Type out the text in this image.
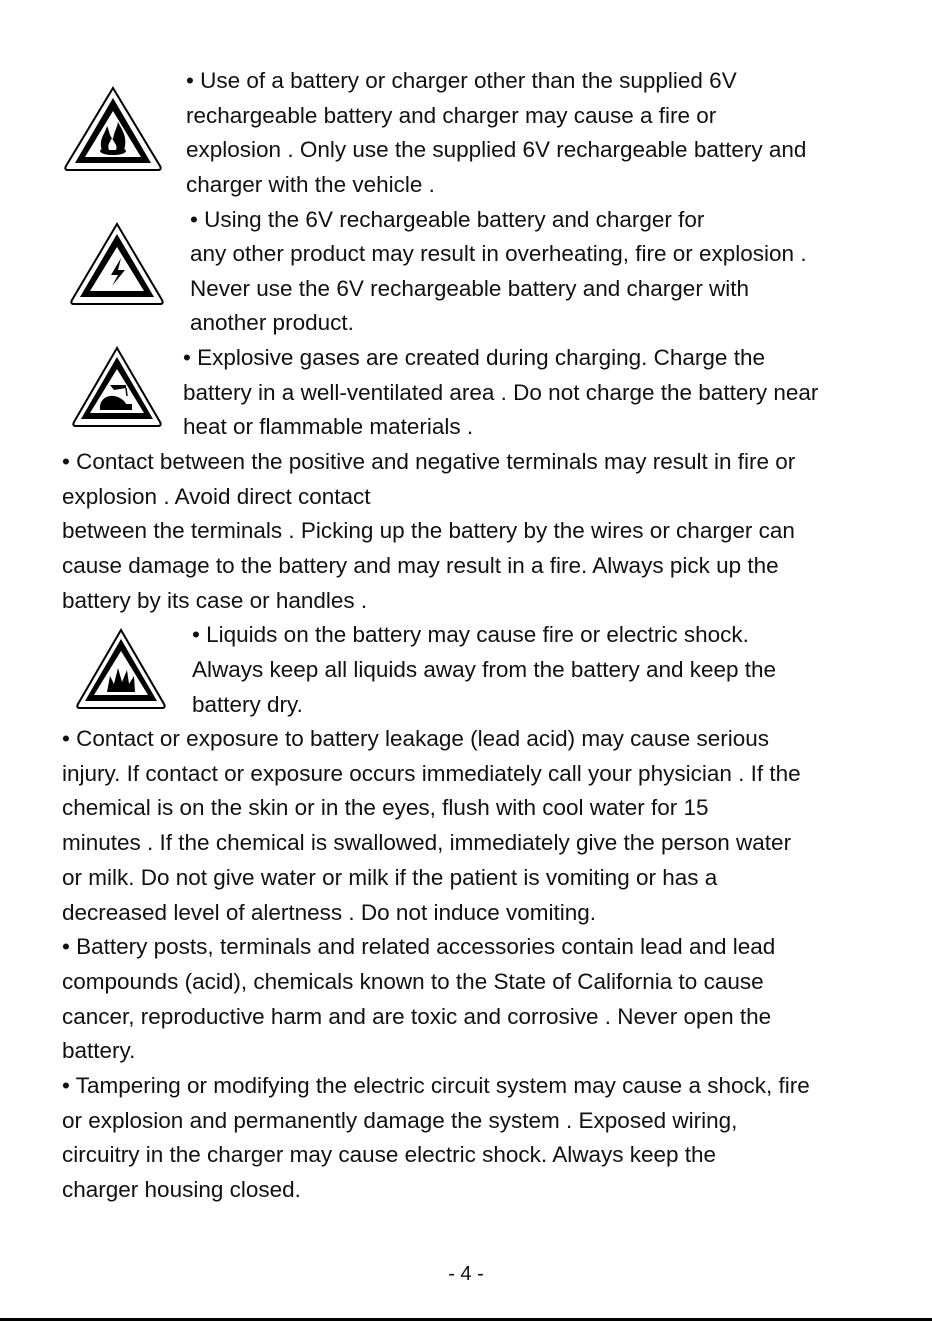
• Use of a battery or charger other than the supplied 6V
rechargeable battery and charger may cause a fire or
explosion . Only use the supplied 6V rechargeable battery and
charger with the vehicle .
• Using the 6V rechargeable battery and charger for
any other product may result in overheating, fire or explosion .
Never use the 6V rechargeable battery and charger with
another product.
• Explosive gases are created during charging. Charge the
battery in a well-ventilated area . Do not charge the battery near
heat or flammable materials .
• Contact between the positive and negative terminals may result in fire or
explosion . Avoid direct contact
between the terminals . Picking up the battery by the wires or charger can
cause damage to the battery and may result in a fire. Always pick up the
battery by its case or handles .
• Liquids on the battery may cause fire or electric shock.
Always keep all liquids away from the battery and keep the
battery dry.
• Contact or exposure to battery leakage (lead acid) may cause serious
injury. If contact or exposure occurs immediately call your physician . If the
chemical is on the skin or in the eyes, flush with cool water for 15
minutes . If the chemical is swallowed, immediately give the person water
or milk. Do not give water or milk if the patient is vomiting or has a
decreased level of alertness . Do not induce vomiting.
• Battery posts, terminals and related accessories contain lead and lead
compounds (acid), chemicals known to the State of California to cause
cancer, reproductive harm and are toxic and corrosive . Never open the
battery.
• Tampering or modifying the electric circuit system may cause a shock, fire
or explosion and permanently damage the system . Exposed wiring,
circuitry in the charger may cause electric shock. Always keep the
charger housing closed.
- 4 -
